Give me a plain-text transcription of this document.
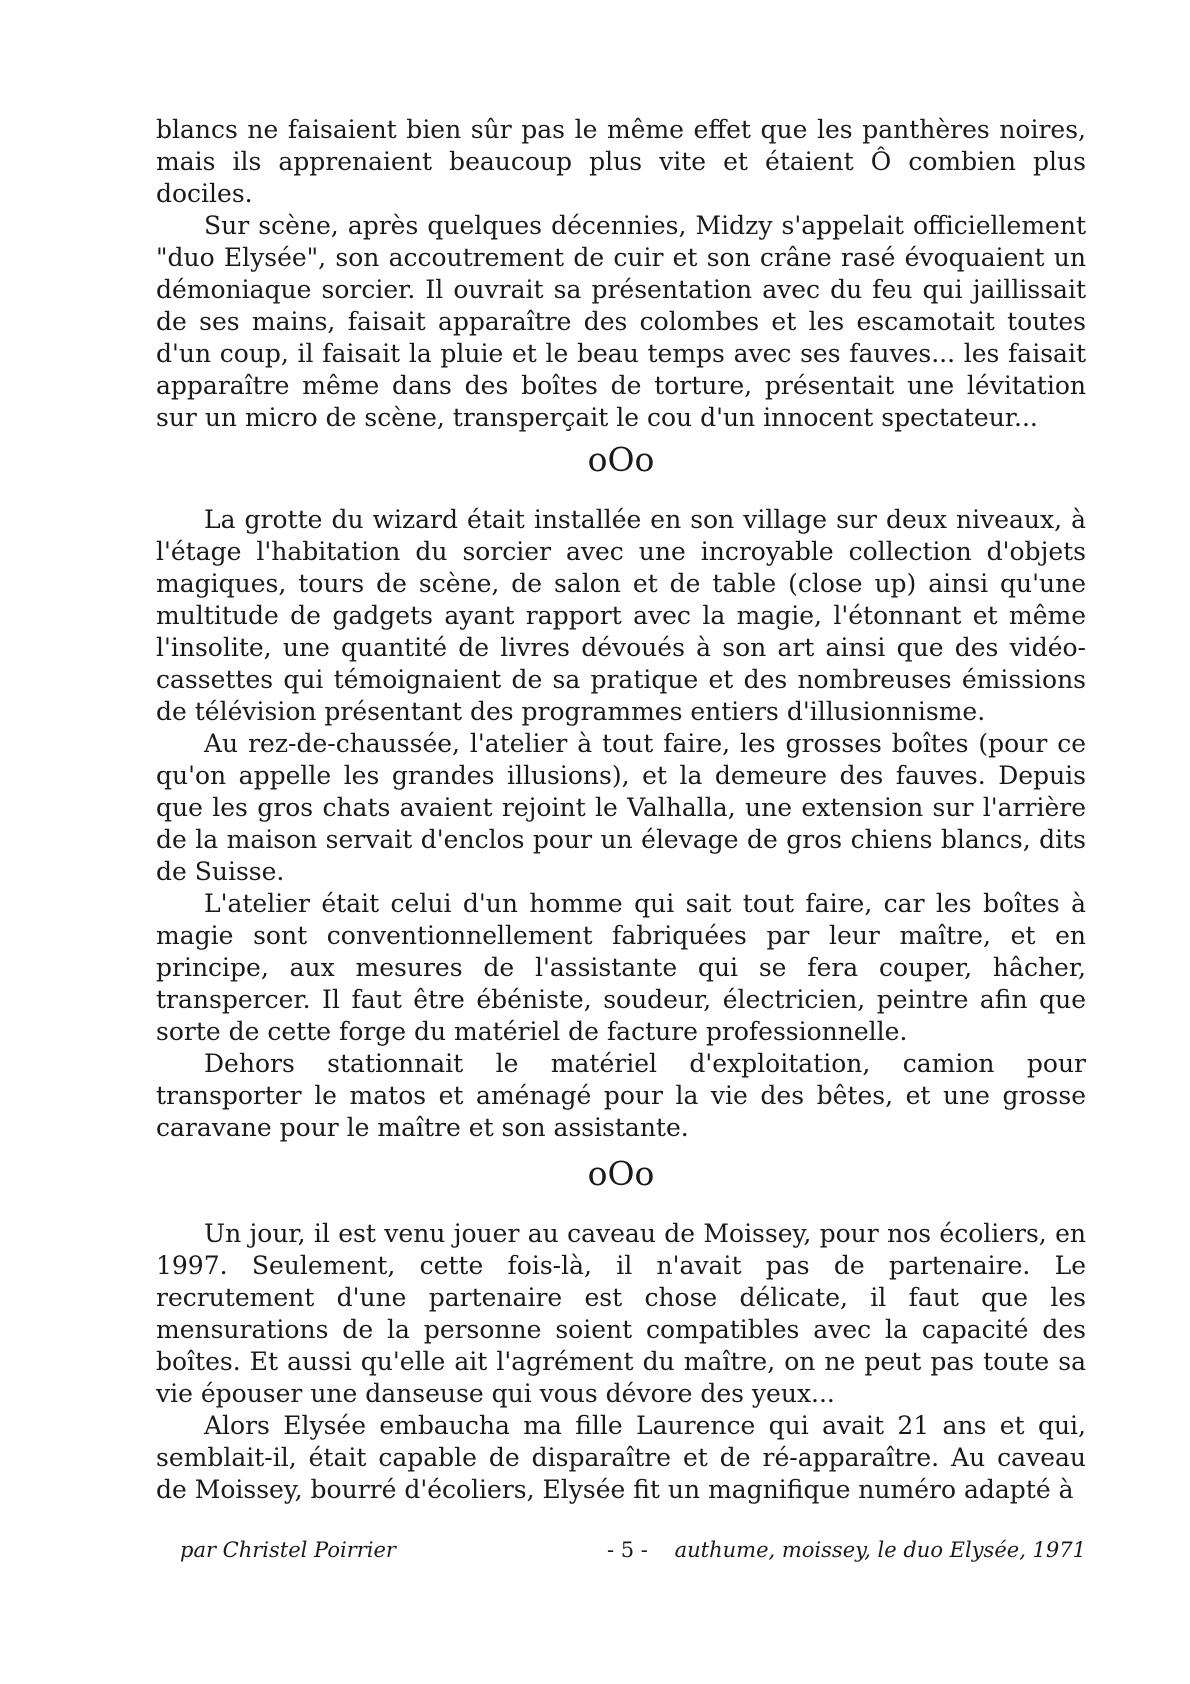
blancs ne faisaient bien sûr pas le même effet que les panthères noires, mais ils apprenaient beaucoup plus vite et étaient Ô combien plus dociles.

Sur scène, après quelques décennies, Midzy s'appelait officiellement "duo Elysée", son accoutrement de cuir et son crâne rasé évoquaient un démoniaque sorcier. Il ouvrait sa présentation avec du feu qui jaillissait de ses mains, faisait apparaître des colombes et les escamotait toutes d'un coup, il faisait la pluie et le beau temps avec ses fauves... les faisait apparaître même dans des boîtes de torture, présentait une lévitation sur un micro de scène, transperçait le cou d'un innocent spectateur...

oOo

La grotte du wizard était installée en son village sur deux niveaux, à l'étage l'habitation du sorcier avec une incroyable collection d'objets magiques, tours de scène, de salon et de table (close up) ainsi qu'une multitude de gadgets ayant rapport avec la magie, l'étonnant et même l'insolite, une quantité de livres dévoués à son art ainsi que des vidéo-cassettes qui témoignaient de sa pratique et des nombreuses émissions de télévision présentant des programmes entiers d'illusionnisme.

Au rez-de-chaussée, l'atelier à tout faire, les grosses boîtes (pour ce qu'on appelle les grandes illusions), et la demeure des fauves. Depuis que les gros chats avaient rejoint le Valhalla, une extension sur l'arrière de la maison servait d'enclos pour un élevage de gros chiens blancs, dits de Suisse.

L'atelier était celui d'un homme qui sait tout faire, car les boîtes à magie sont conventionnellement fabriquées par leur maître, et en principe, aux mesures de l'assistante qui se fera couper, hâcher, transpercer. Il faut être ébéniste, soudeur, électricien, peintre afin que sorte de cette forge du matériel de facture professionnelle.

Dehors stationnait le matériel d'exploitation, camion pour transporter le matos et aménagé pour la vie des bêtes, et une grosse caravane pour le maître et son assistante.

oOo

Un jour, il est venu jouer au caveau de Moissey, pour nos écoliers, en 1997. Seulement, cette fois-là, il n'avait pas de partenaire. Le recrutement d'une partenaire est chose délicate, il faut que les mensurations de la personne soient compatibles avec la capacité des boîtes. Et aussi qu'elle ait l'agrément du maître, on ne peut pas toute sa vie épouser une danseuse qui vous dévore des yeux...

Alors Elysée embaucha ma fille Laurence qui avait 21 ans et qui, semblait-il, était capable de disparaître et de ré-apparaître. Au caveau de Moissey, bourré d'écoliers, Elysée fit un magnifique numéro adapté à

par Christel Poirrier	- 5 - authume, moissey, le duo Elysée, 1971
